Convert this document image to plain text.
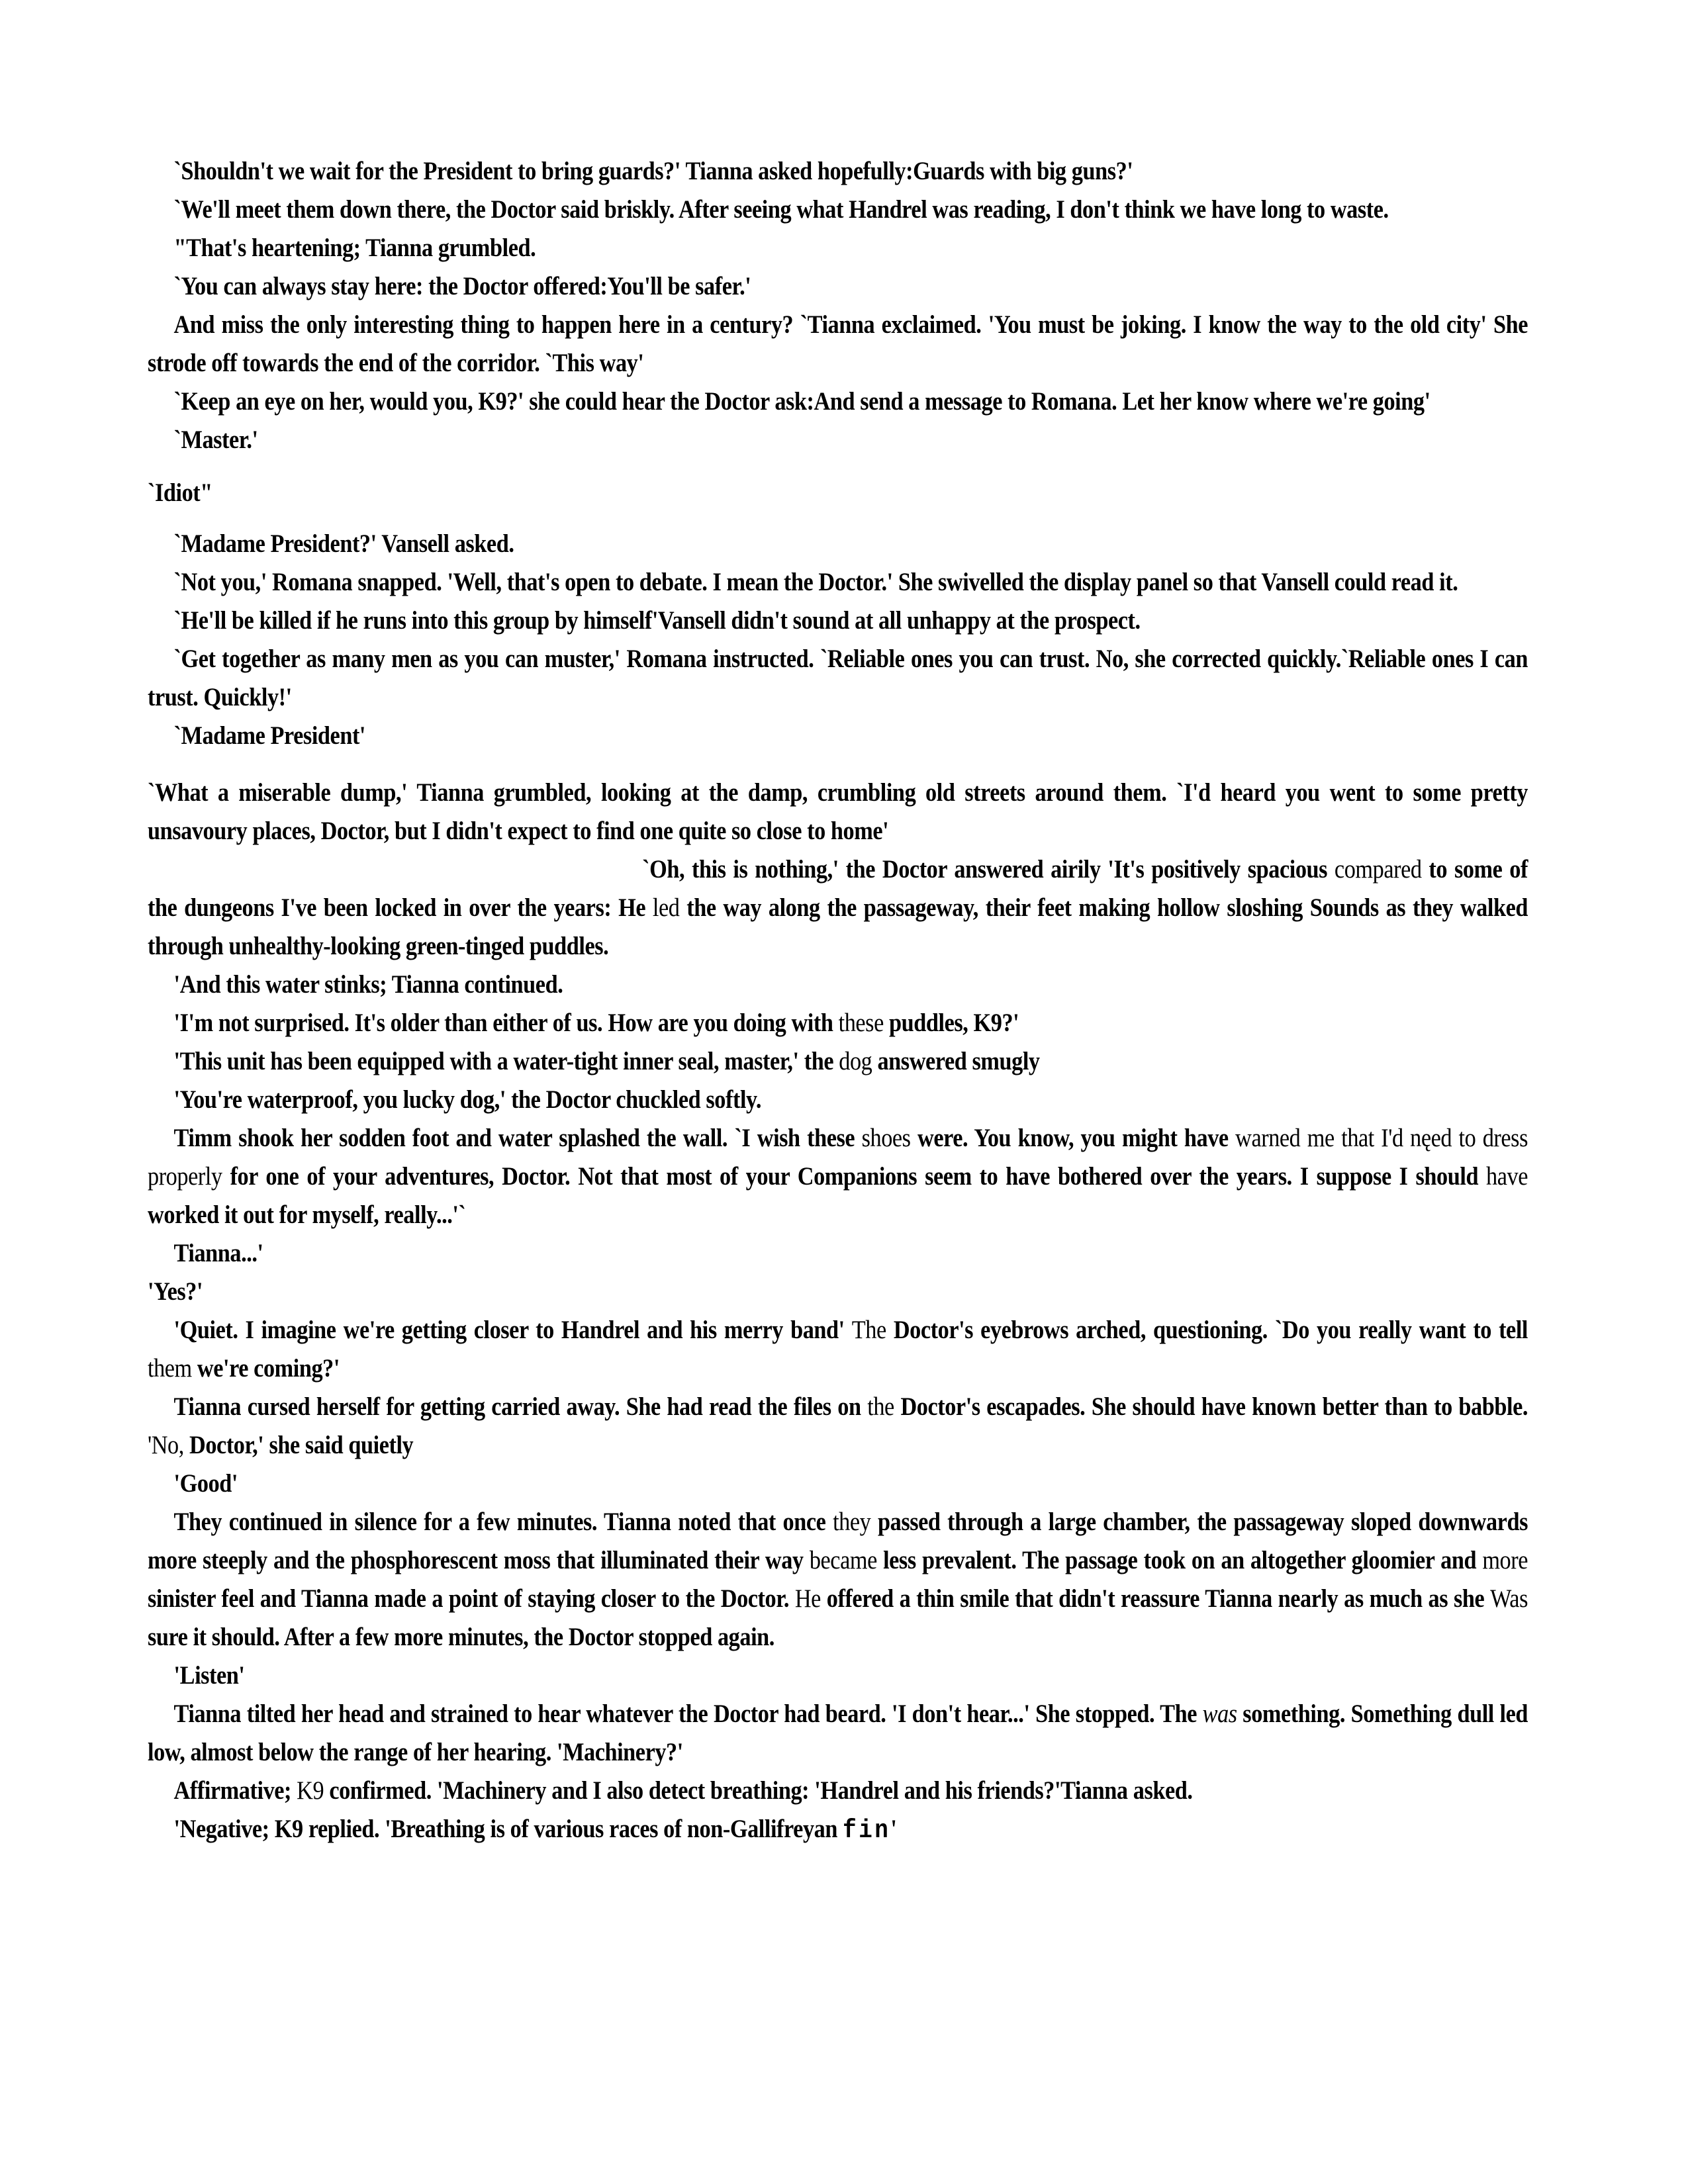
`Shouldn't we wait for the President to bring guards?' Tianna asked hopefully:Guards with big guns?'

`We'll meet them down there, the Doctor said briskly. After seeing what Handrel was reading, I don't think we have long to waste.

"That's heartening; Tianna grumbled.

`You can always stay here: the Doctor offered:You'll be safer.'

And miss the only interesting thing to happen here in a century? `Tianna exclaimed. 'You must be joking. I know the way to the old city' She strode off towards the end of the corridor. `This way'

`Keep an eye on her, would you, K9?' she could hear the Doctor ask:And send a message to Romana. Let her know where we're going'

`Master.'

`Idiot"

`Madame President?' Vansell asked.

`Not you,' Romana snapped. 'Well, that's open to debate. I mean the Doctor.' She swivelled the display panel so that Vansell could read it.

`He'll be killed if he runs into this group by himself'Vansell didn't sound at all unhappy at the prospect.

`Get together as many men as you can muster,' Romana instructed. `Reliable ones you can trust. No, she corrected quickly.`Reliable ones I can trust. Quickly!'

`Madame President'

`What a miserable dump,' Tianna grumbled, looking at the damp, crumbling old streets around them. `I'd heard you went to some pretty unsavoury places, Doctor, but I didn't expect to find one quite so close to home'

`Oh, this is nothing,' the Doctor answered airily 'It's positively spacious compared to some of the dungeons I've been locked in over the years: He led the way along the passageway, their feet making hollow sloshing Sounds as they walked through unhealthy-looking green-tinged puddles.

'And this water stinks; Tianna continued.

'I'm not surprised. It's older than either of us. How are you doing with these puddles, K9?'

'This unit has been equipped with a water-tight inner seal, master,' the dog answered smugly

'You're waterproof, you lucky dog,' the Doctor chuckled softly.

Timm shook her sodden foot and water splashed the wall. `I wish these shoes were. You know, you might have warned me that I'd nęed to dress properly for one of your adventures, Doctor. Not that most of your Companions seem to have bothered over the years. I suppose I should have worked it out for myself, really...'`

Tianna...'

'Yes?'

'Quiet. I imagine we're getting closer to Handrel and his merry band' The Doctor's eyebrows arched, questioning. `Do you really want to tell them we're coming?'

Tianna cursed herself for getting carried away. She had read the files on the Doctor's escapades. She should have known better than to babble. 'No, Doctor,' she said quietly

'Good'

They continued in silence for a few minutes. Tianna noted that once they passed through a large chamber, the passageway sloped downwards more steeply and the phosphorescent moss that illuminated their way became less prevalent. The passage took on an altogether gloomier and more sinister feel and Tianna made a point of staying closer to the Doctor. He offered a thin smile that didn't reassure Tianna nearly as much as she Was sure it should. After a few more minutes, the Doctor stopped again.

'Listen'

Tianna tilted her head and strained to hear whatever the Doctor had beard. 'I don't hear...' She stopped. The was something. Something dull led low, almost below the range of her hearing. 'Machinery?'

Affirmative; K9 confirmed. 'Machinery and I also detect breathing: 'Handrel and his friends?'Tianna asked.

'Negative; K9 replied. 'Breathing is of various races of non-Gallifreyan fin'
